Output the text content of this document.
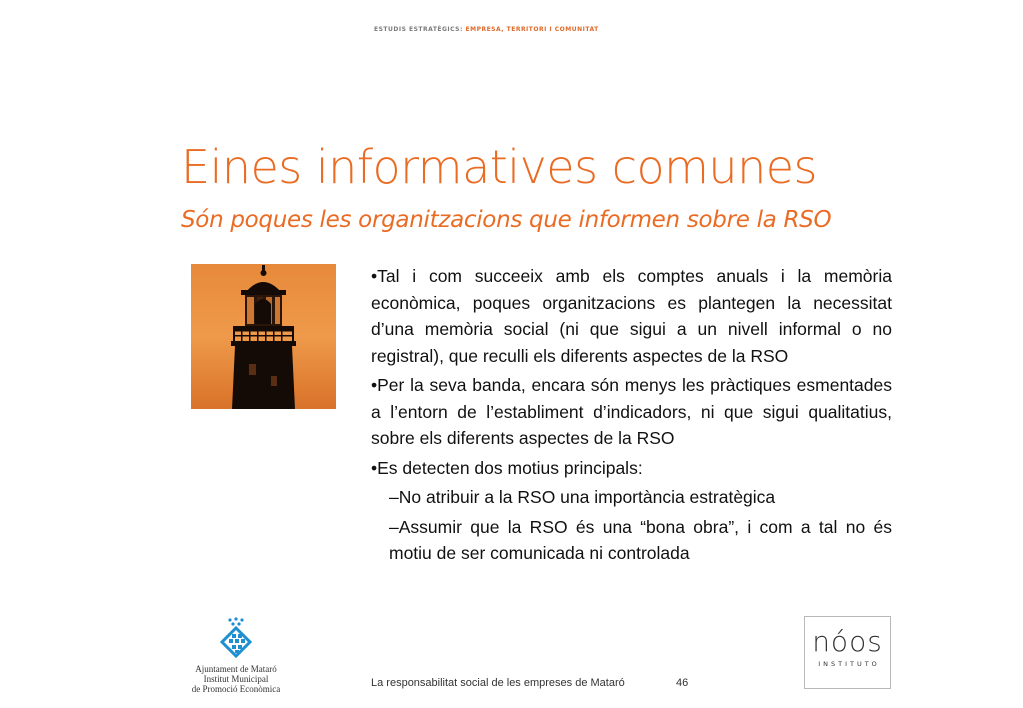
ESTUDIS ESTRATÈGICS: EMPRESA, TERRITORI I COMUNITAT
Eines informatives comunes
Són poques les organitzacions que informen sobre la RSO

•Tal i com succeeix amb els comptes anuals i la memòria econòmica, poques organitzacions es plantegen la necessitat d’una memòria social (ni que sigui a un nivell informal o no registral), que reculli els diferents aspectes de la RSO

•Per la seva banda, encara són menys les pràctiques esmentades a l’entorn de l’establiment d’indicadors, ni que sigui qualitatius, sobre els diferents aspectes de la RSO

•Es detecten dos motius principals:

–No atribuir a la RSO una importància estratègica

–Assumir que la RSO és una “bona obra”, i com a tal no és motiu de ser comunicada ni controlada

Ajuntament de Mataró
Institut Municipal
de Promoció Econòmica	La responsabilitat social de les empreses de Mataró	46
nóos
INSTITUTO
